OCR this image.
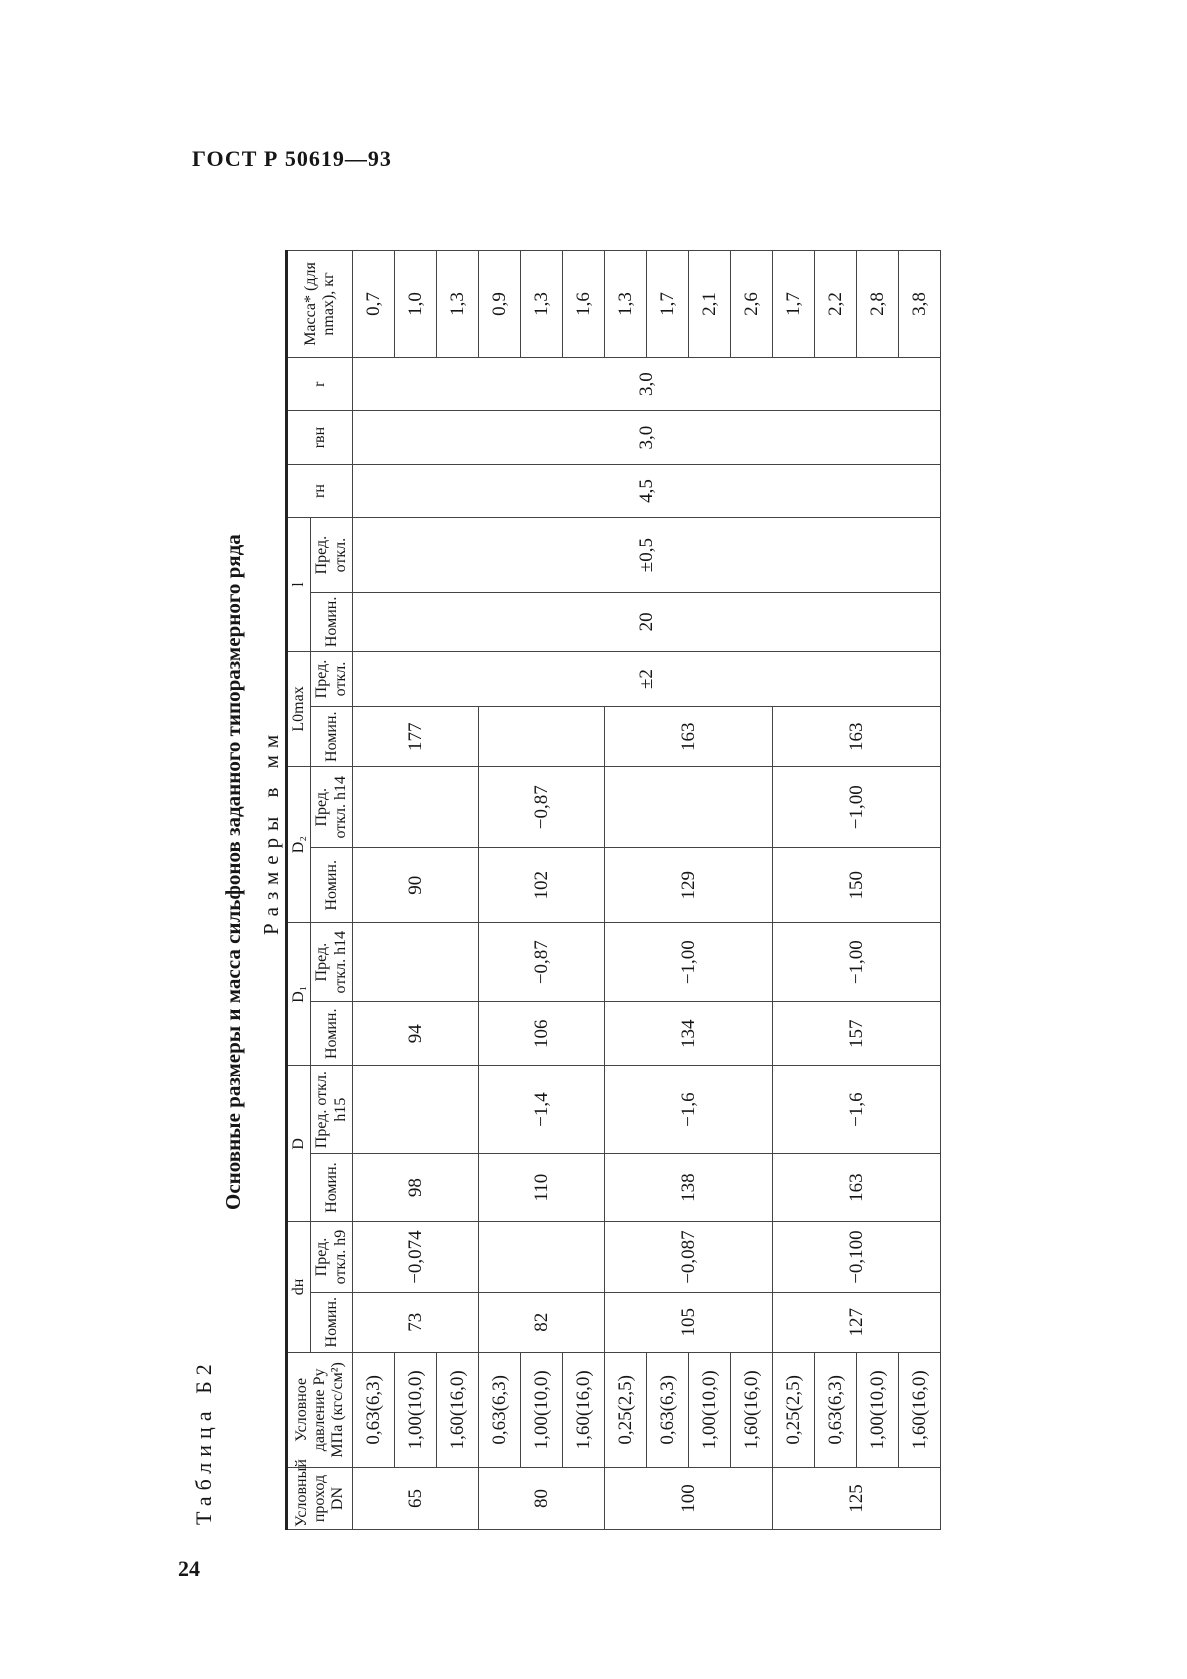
ГОСТ Р 50619—93
24
Таблица Б2
Основные размеры и масса сильфонов заданного типоразмерного ряда Размеры в мм
Условный проход DN	Условное давление Py МПа (кгс/см²)	dн		D		D₁		D₂		L0max		l		rн	rвн	r	Масса* (для nmax), кг
		Номин.	Пред. откл. h9	Номин.	Пред. откл. h15	Номин.	Пред. откл. h14	Номин.	Пред. откл. h14	Номин.	Пред. откл.	Номин.	Пред. откл.				
65	0,63(6,3)	73	−0,074	98		94		90		177	±2	20	±0,5	4,5	3,0	3,0	0,7
	1,00(10,0)																1,0
	1,60(16,0)																1,3
80	0,63(6,3)	82		110	−1,4	106	−0,87	102	−0,87								0,9
	1,00(10,0)																1,3
	1,60(16,0)																1,6
100	0,25(2,5)	105	−0,087	138	−1,6	134	−1,00	129		163							1,3
	0,63(6,3)																1,7
	1,00(10,0)																2,1
	1,60(16,0)																2,6
125	0,25(2,5)	127	−0,100	163	−1,6	157	−1,00	150	−1,00	163							1,7
	0,63(6,3)																2,2
	1,00(10,0)																2,8
	1,60(16,0)																3,8
